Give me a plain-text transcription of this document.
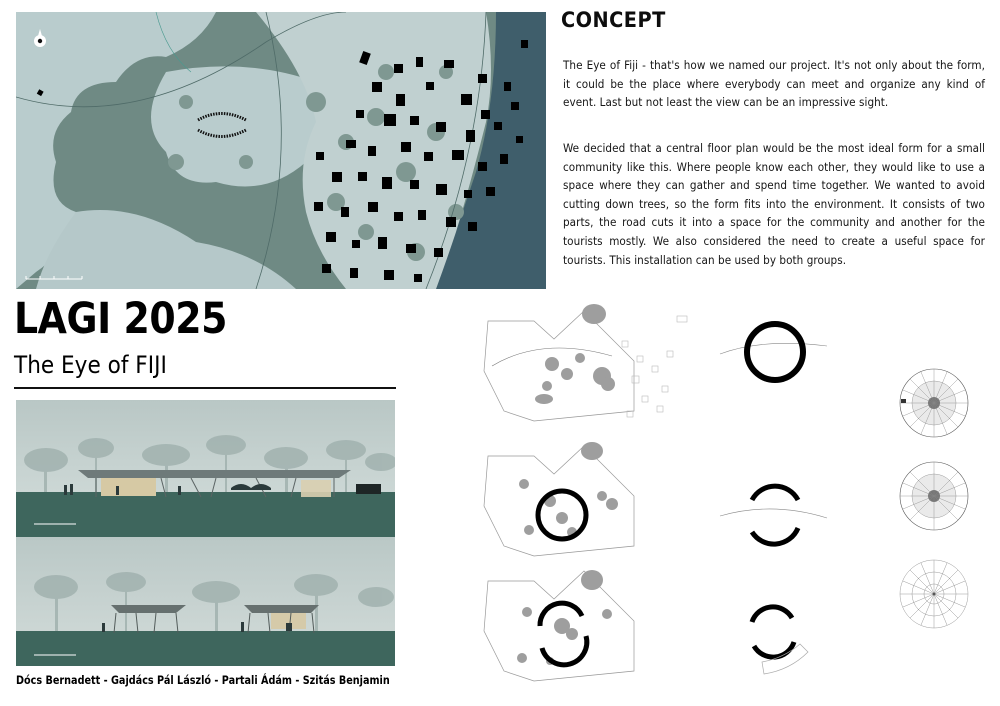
CONCEPT

The Eye of Fiji - that's how we named our project. It's not only about the form, it could be the place where everybody can meet and organize any kind of event. Last but not least the view can be an impressive sight.

We decided that a central floor plan would be the most ideal form for a small community like this. Where people know each other, they would like to use a space where they can gather and spend time together. We wanted to avoid cutting down trees, so the form fits into the environment. It consists of two parts, the road cuts it into a space for the community and another for the tourists mostly. We also considered the need to create a useful space for tourists. This installation can be used by both groups.

LAGI 2025
The Eye of FIJI
Dócs Bernadett - Gajdács Pál László - Partali Ádám - Szitás Benjamin
